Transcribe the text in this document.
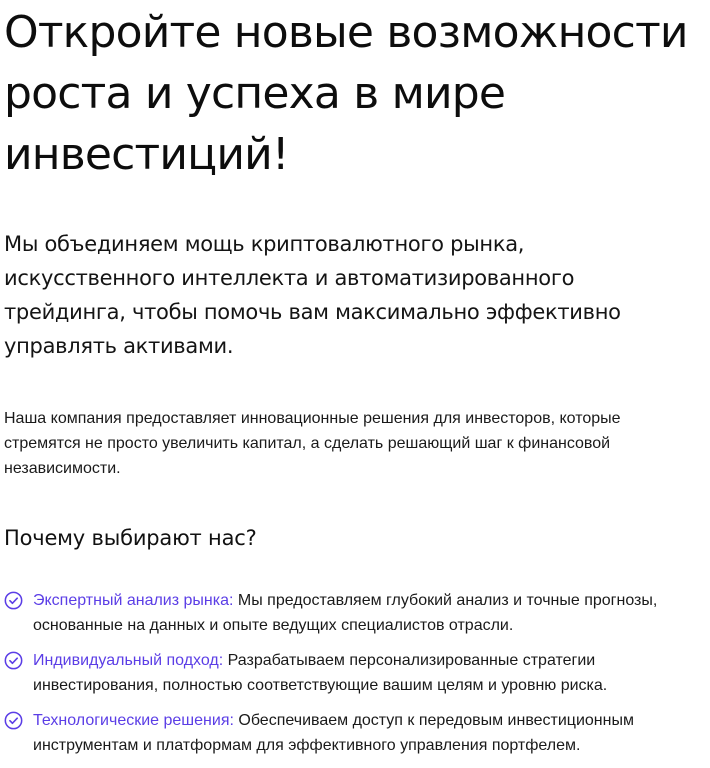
Откройте новые возможности
роста и успеха в мире
инвестиций!

Мы объединяем мощь криптовалютного рынка,
искусственного интеллекта и автоматизированного
трейдинга, чтобы помочь вам максимально эффективно
управлять активами.

Наша компания предоставляет инновационные решения для инвесторов, которые
стремятся не просто увеличить капитал, а сделать решающий шаг к финансовой
независимости.

Почему выбирают нас?
Экспертный анализ рынка: Мы предоставляем глубокий анализ и точные прогнозы,
основанные на данных и опыте ведущих специалистов отрасли.
Индивидуальный подход: Разрабатываем персонализированные стратегии
инвестирования, полностью соответствующие вашим целям и уровню риска.
Технологические решения: Обеспечиваем доступ к передовым инвестиционным
инструментам и платформам для эффективного управления портфелем.
